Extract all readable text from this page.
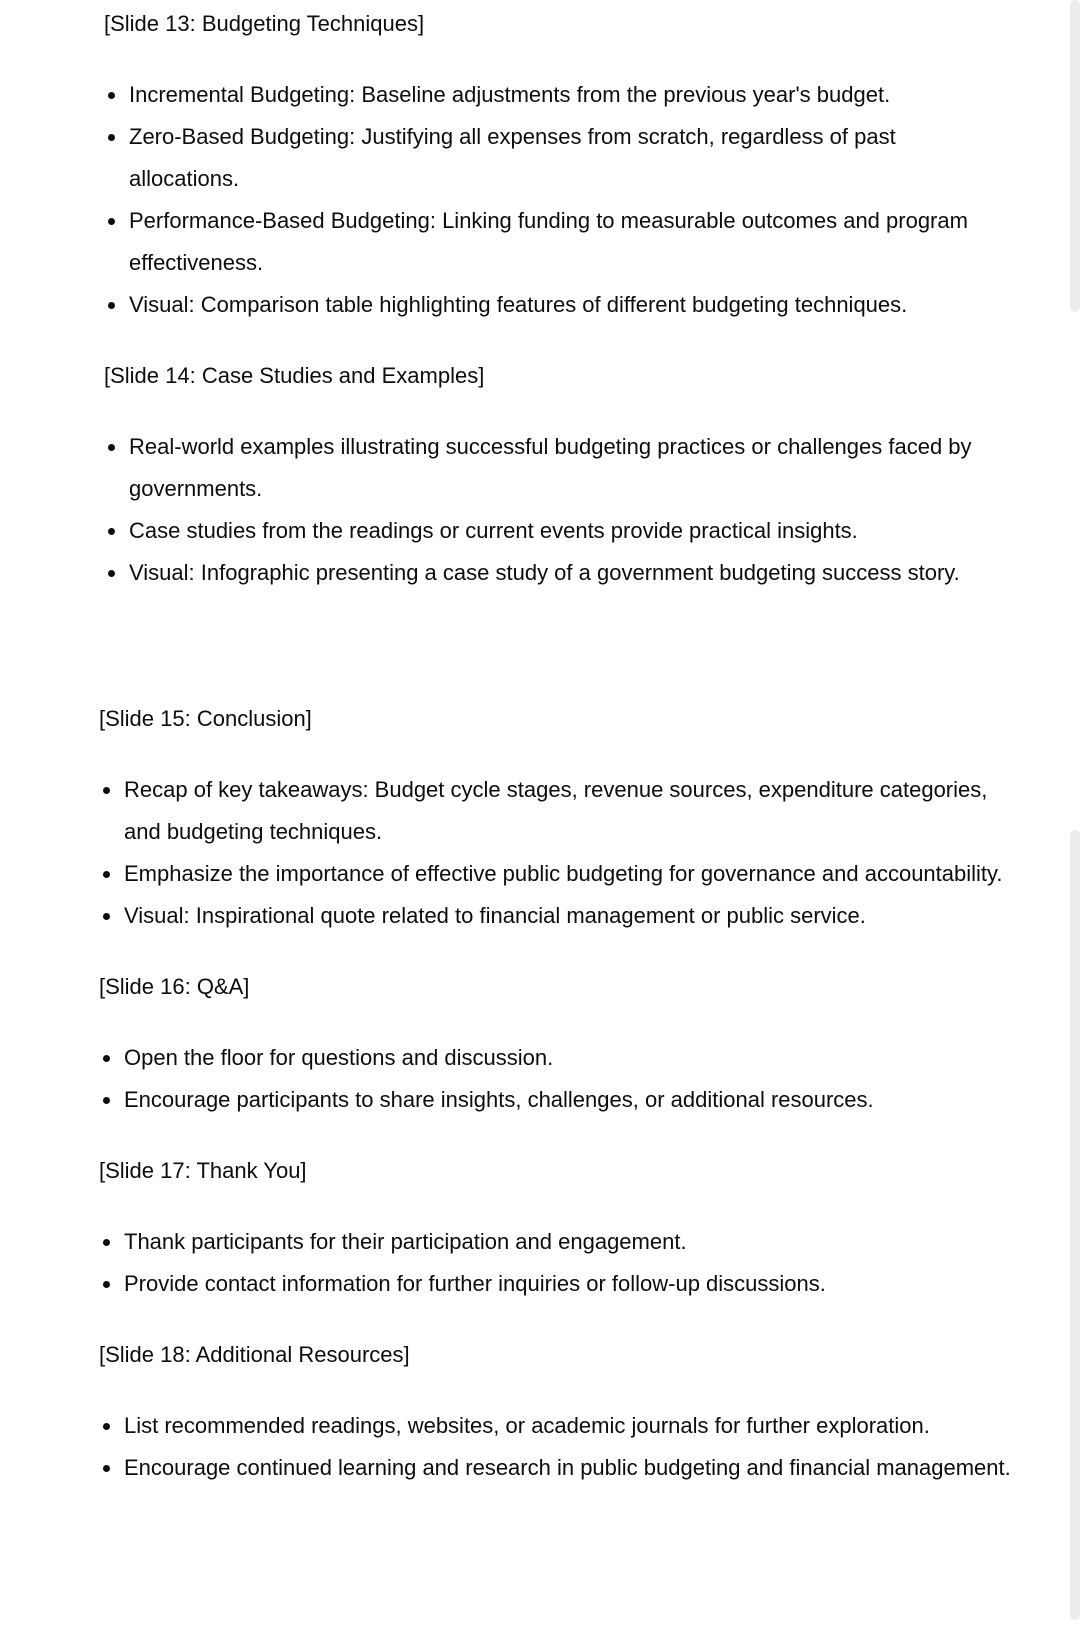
[Slide 13: Budgeting Techniques]
Incremental Budgeting: Baseline adjustments from the previous year's budget.
Zero-Based Budgeting: Justifying all expenses from scratch, regardless of past allocations.
Performance-Based Budgeting: Linking funding to measurable outcomes and program effectiveness.
Visual: Comparison table highlighting features of different budgeting techniques.
[Slide 14: Case Studies and Examples]
Real-world examples illustrating successful budgeting practices or challenges faced by governments.
Case studies from the readings or current events provide practical insights.
Visual: Infographic presenting a case study of a government budgeting success story.
[Slide 15: Conclusion]
Recap of key takeaways: Budget cycle stages, revenue sources, expenditure categories, and budgeting techniques.
Emphasize the importance of effective public budgeting for governance and accountability.
Visual: Inspirational quote related to financial management or public service.
[Slide 16: Q&A]
Open the floor for questions and discussion.
Encourage participants to share insights, challenges, or additional resources.
[Slide 17: Thank You]
Thank participants for their participation and engagement.
Provide contact information for further inquiries or follow-up discussions.
[Slide 18: Additional Resources]
List recommended readings, websites, or academic journals for further exploration.
Encourage continued learning and research in public budgeting and financial management.
